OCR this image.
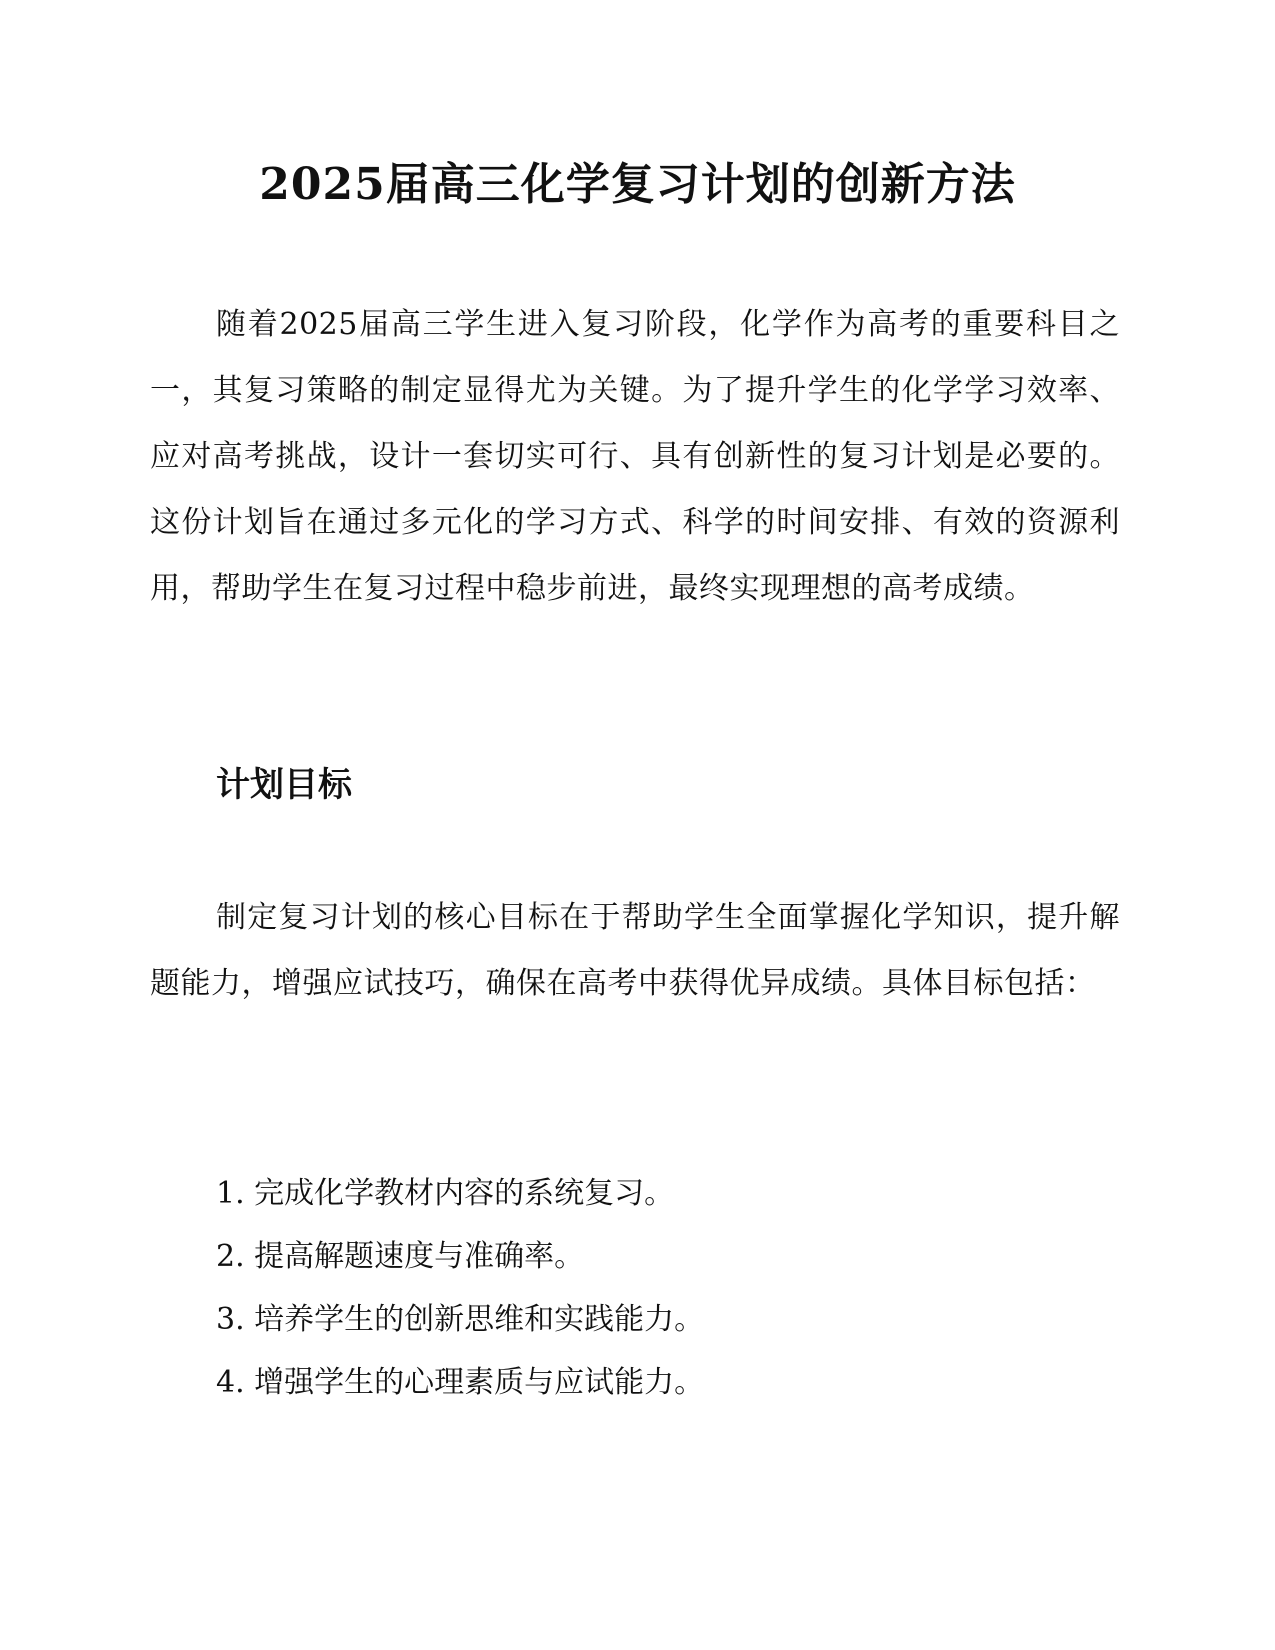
2025届高三化学复习计划的创新方法

随着2025届高三学生进入复习阶段，化学作为高考的重要科目之一，其复习策略的制定显得尤为关键。为了提升学生的化学学习效率、应对高考挑战，设计一套切实可行、具有创新性的复习计划是必要的。这份计划旨在通过多元化的学习方式、科学的时间安排、有效的资源利用，帮助学生在复习过程中稳步前进，最终实现理想的高考成绩。

计划目标

制定复习计划的核心目标在于帮助学生全面掌握化学知识，提升解题能力，增强应试技巧，确保在高考中获得优异成绩。具体目标包括：

1. 完成化学教材内容的系统复习。
2. 提高解题速度与准确率。
3. 培养学生的创新思维和实践能力。
4. 增强学生的心理素质与应试能力。
